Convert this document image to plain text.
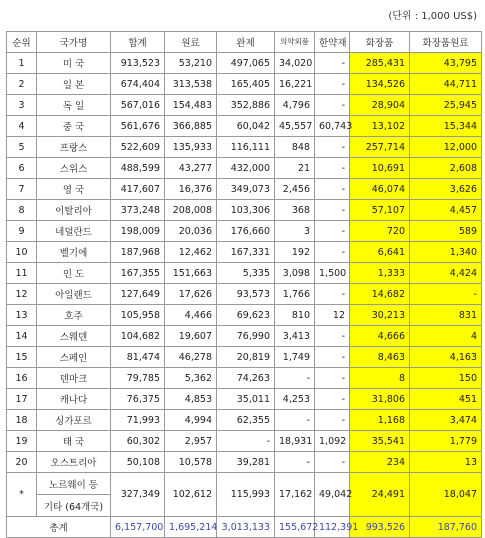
(단위 : 1,000 US$)
순위	국가명	합계	원료	완제	의약외품	한약재	화장품	화장품원료
1	미 국	913,523	53,210	497,065	34,020	-	285,431	43,795
2	일 본	674,404	313,538	165,405	16,221	-	134,526	44,711
3	독 일	567,016	154,483	352,886	4,796	-	28,904	25,945
4	중 국	561,676	366,885	60,042	45,557	60,743	13,102	15,344
5	프랑스	522,609	135,933	116,111	848	-	257,714	12,000
6	스위스	488,599	43,277	432,000	21	-	10,691	2,608
7	영 국	417,607	16,376	349,073	2,456	-	46,074	3,626
8	이탈리아	373,248	208,008	103,306	368	-	57,107	4,457
9	네덜란드	198,009	20,036	176,660	3	-	720	589
10	벨기에	187,968	12,462	167,331	192	-	6,641	1,340
11	인 도	167,355	151,663	5,335	3,098	1,500	1,333	4,424
12	아일랜드	127,649	17,626	93,573	1,766	-	14,682	-
13	호주	105,958	4,466	69,623	810	12	30,213	831
14	스웨덴	104,682	19,607	76,990	3,413	-	4,666	4
15	스페인	81,474	46,278	20,819	1,749	-	8,463	4,163
16	덴마크	79,785	5,362	74,263	-	-	8	150
17	캐나다	76,375	4,853	35,011	4,253	-	31,806	451
18	싱가포르	71,993	4,994	62,355	-	-	1,168	3,474
19	태 국	60,302	2,957	-	18,931	1,092	35,541	1,779
20	오스트리아	50,108	10,578	39,281	-	-	234	13
*	노르웨이 등	327,349	102,612	115,993	17,162	49,042	24,491	18,047
	기타 (64개국)							
총계		6,157,700	1,695,214	3,013,133	155,672	112,391	993,526	187,760
